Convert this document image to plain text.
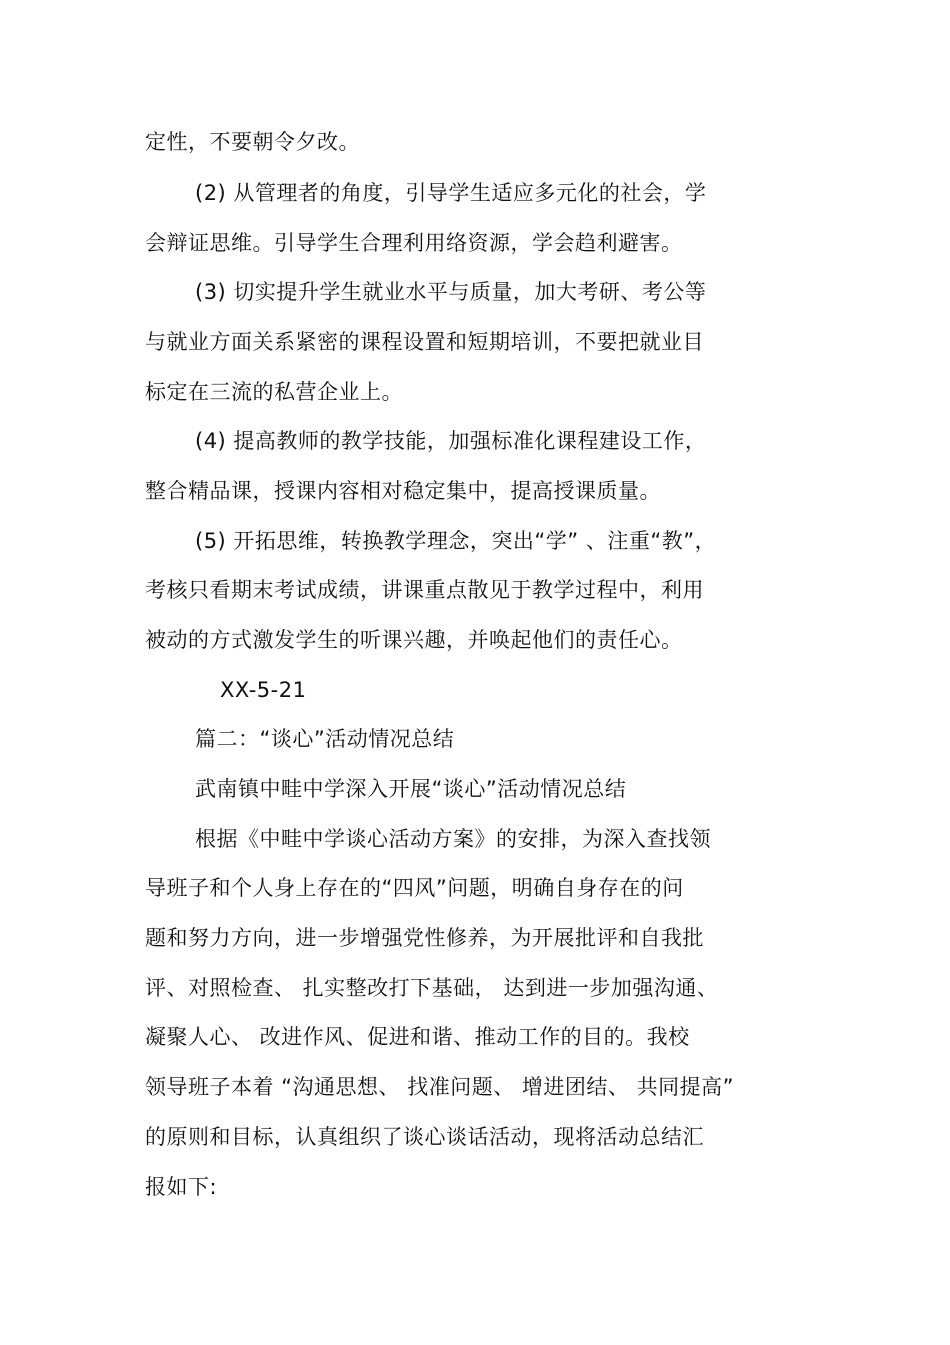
定性，不要朝令夕改。
(2) 从管理者的角度，引导学生适应多元化的社会，学
会辩证思维。引导学生合理利用络资源，学会趋利避害。
(3) 切实提升学生就业水平与质量，加大考研、考公等
与就业方面关系紧密的课程设置和短期培训，不要把就业目
标定在三流的私营企业上。
(4) 提高教师的教学技能，加强标准化课程建设工作，
整合精品课，授课内容相对稳定集中，提高授课质量。
(5) 开拓思维，转换教学理念，突出“学” 、注重“教”，
考核只看期末考试成绩，讲课重点散见于教学过程中，利用
被动的方式激发学生的听课兴趣，并唤起他们的责任心。
XX-5-21
篇二：“谈心”活动情况总结
武南镇中畦中学深入开展“谈心”活动情况总结
根据《中畦中学谈心活动方案》的安排，为深入查找领
导班子和个人身上存在的“四风”问题，明确自身存在的问
题和努力方向，进一步增强党性修养，为开展批评和自我批
评、对照检查、 扎实整改打下基础， 达到进一步加强沟通、
凝聚人心、 改进作风、促进和谐、推动工作的目的。我校
领导班子本着 “沟通思想、 找准问题、 增进团结、 共同提高”
的原则和目标，认真组织了谈心谈话活动，现将活动总结汇
报如下:
